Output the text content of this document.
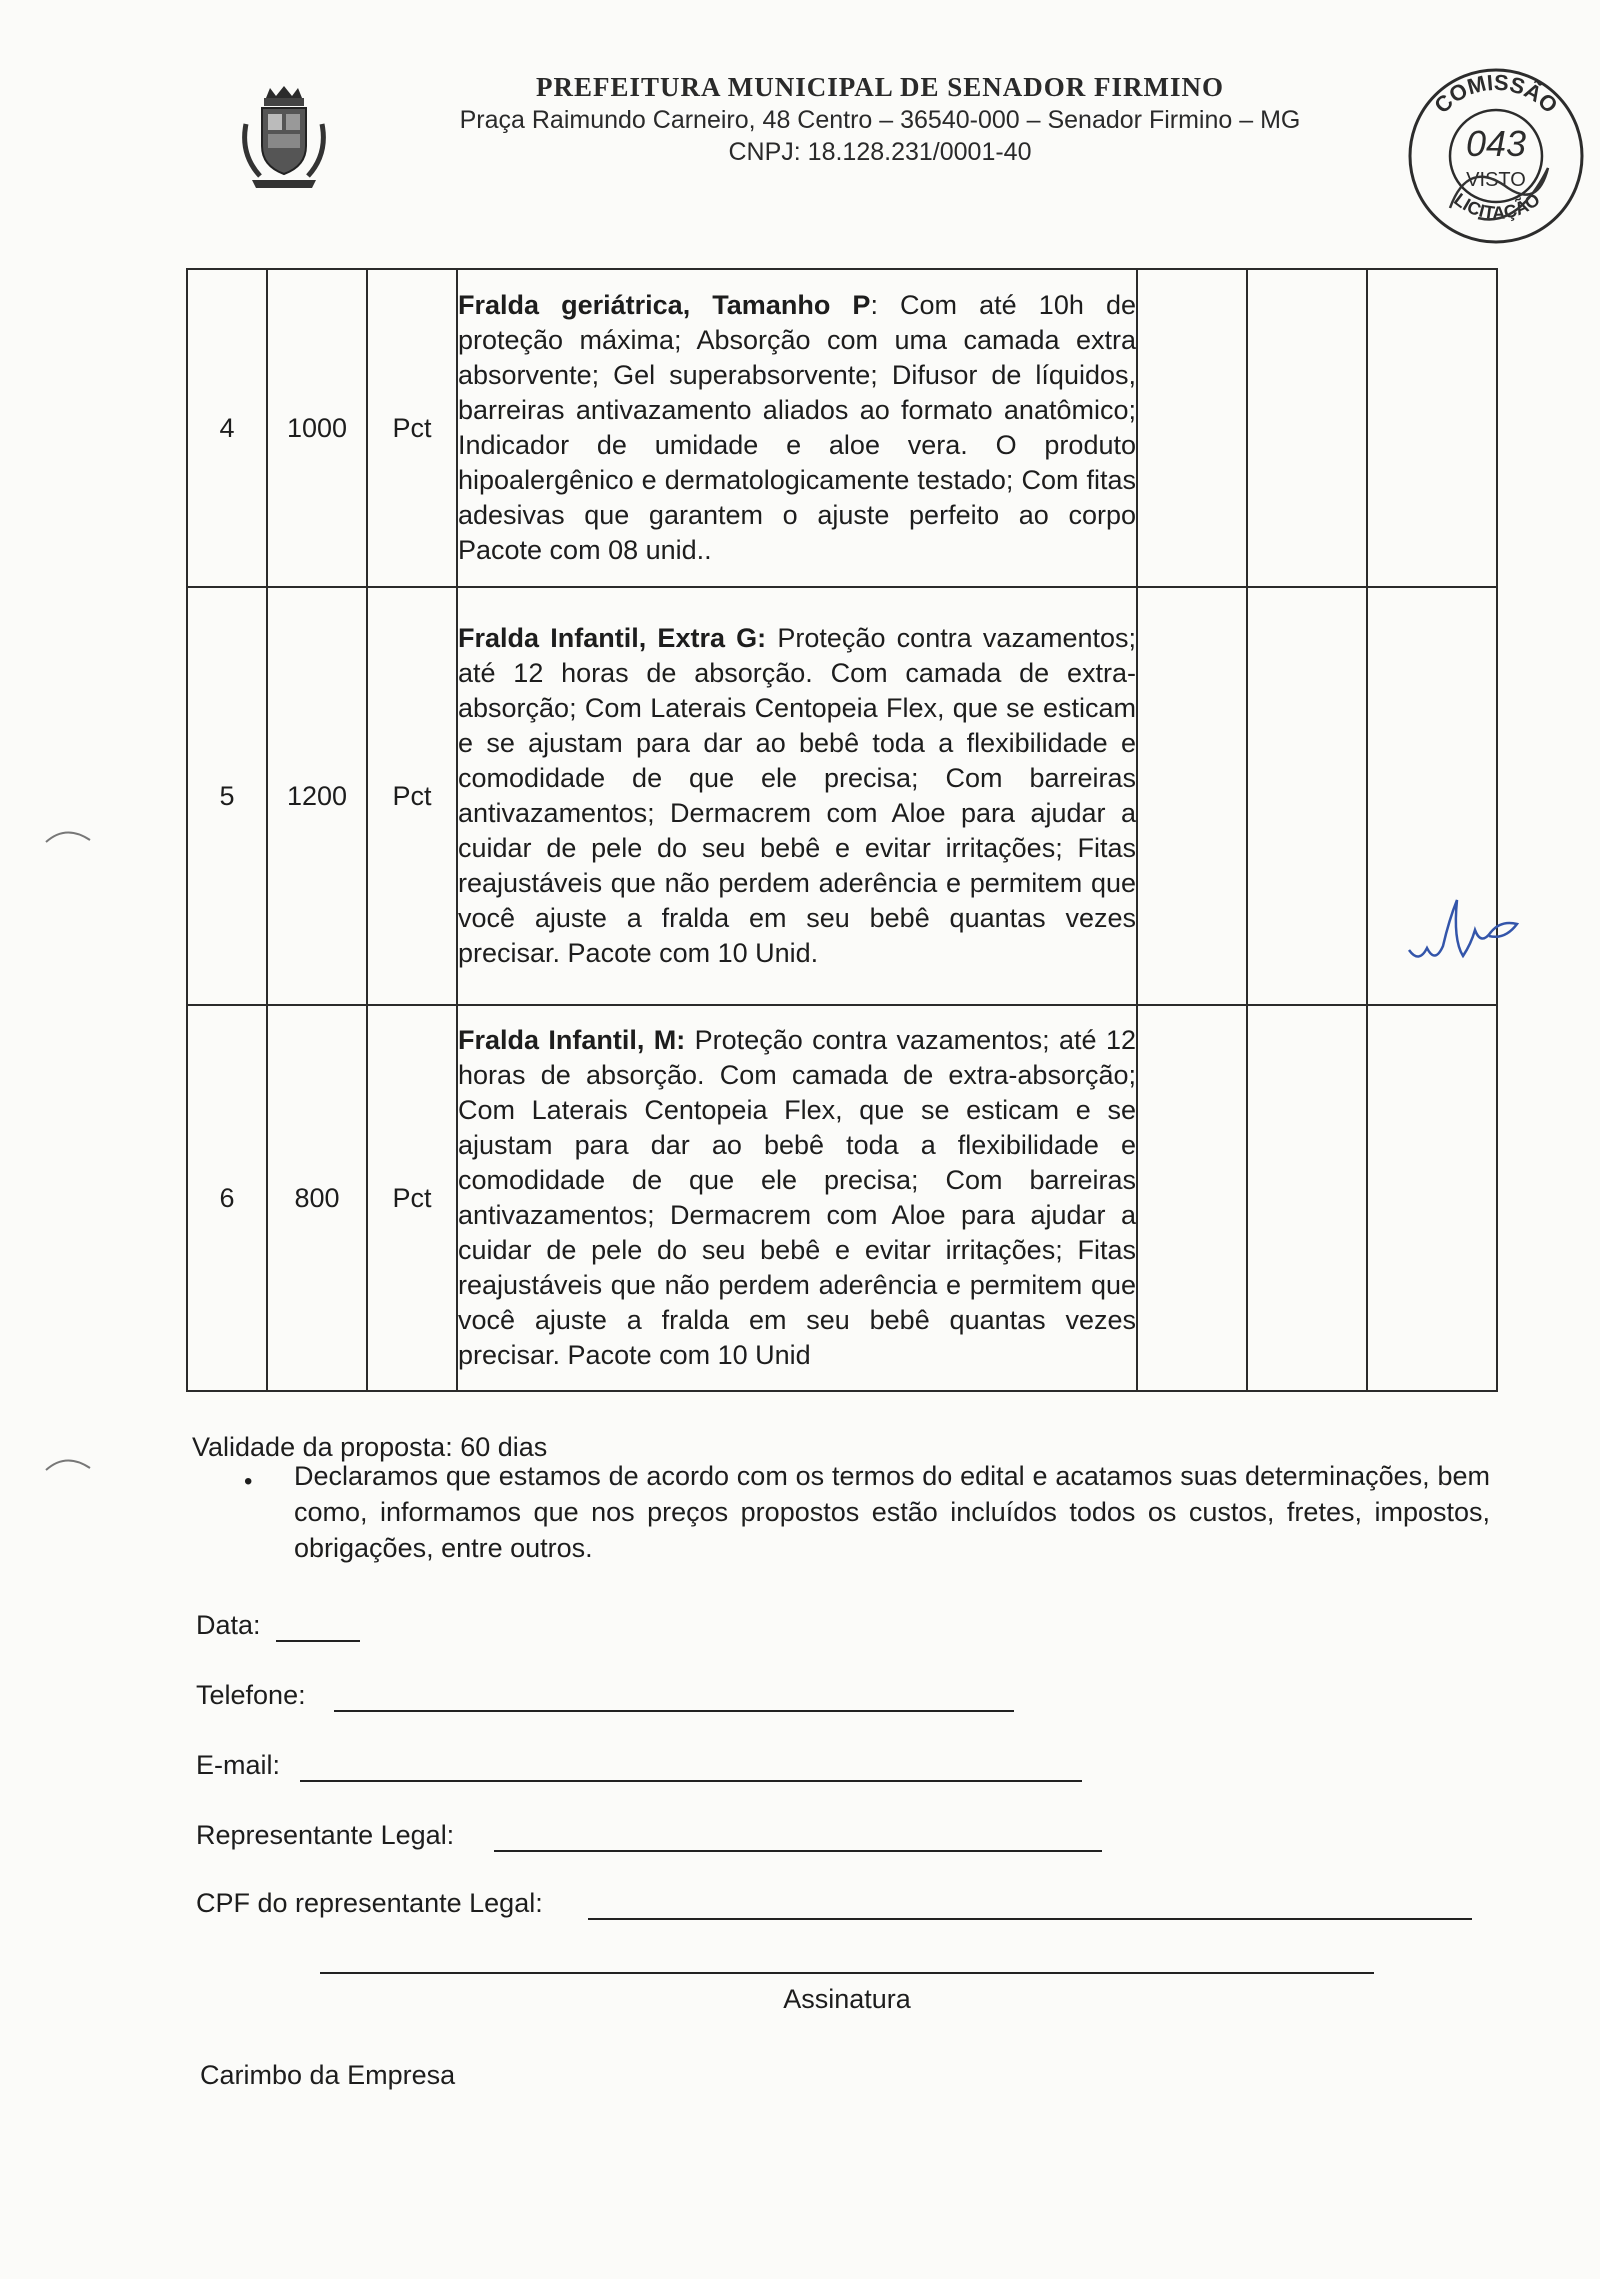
PREFEITURA MUNICIPAL DE SENADOR FIRMINO
Praça Raimundo Carneiro, 48 Centro – 36540-000 – Senador Firmino – MG
CNPJ: 18.128.231/0001-40
COMISSÃO
043
VISTO
LICITAÇÃO
4	1000	Pct	Fralda geriátrica, Tamanho P: Com até 10h de proteção máxima; Absorção com uma camada extra absorvente; Gel superabsorvente; Difusor de líquidos, barreiras antivazamento aliados ao formato anatômico; Indicador de umidade e aloe vera. O produto hipoalergênico e dermatologicamente testado; Com fitas adesivas que garantem o ajuste perfeito ao corpo Pacote com 08 unid..			
5	1200	Pct	Fralda Infantil, Extra G: Proteção contra vazamentos; até 12 horas de absorção. Com camada de extra-absorção; Com Laterais Centopeia Flex, que se esticam e se ajustam para dar ao bebê toda a flexibilidade e comodidade de que ele precisa; Com barreiras antivazamentos; Dermacrem com Aloe para ajudar a cuidar de pele do seu bebê e evitar irritações; Fitas reajustáveis que não perdem aderência e permitem que você ajuste a fralda em seu bebê quantas vezes precisar. Pacote com 10 Unid.			
6	800	Pct	Fralda Infantil, M: Proteção contra vazamentos; até 12 horas de absorção. Com camada de extra-absorção; Com Laterais Centopeia Flex, que se esticam e se ajustam para dar ao bebê toda a flexibilidade e comodidade de que ele precisa; Com barreiras antivazamentos; Dermacrem com Aloe para ajudar a cuidar de pele do seu bebê e evitar irritações; Fitas reajustáveis que não perdem aderência e permitem que você ajuste a fralda em seu bebê quantas vezes precisar. Pacote com 10 Unid			
Validade da proposta: 60 dias
• Declaramos que estamos de acordo com os termos do edital e acatamos suas determinações, bem como, informamos que nos preços propostos estão incluídos todos os custos, fretes, impostos, obrigações, entre outros.
Data:
Telefone:
E-mail:
Representante Legal:
CPF do representante Legal:
Assinatura
Carimbo da Empresa
